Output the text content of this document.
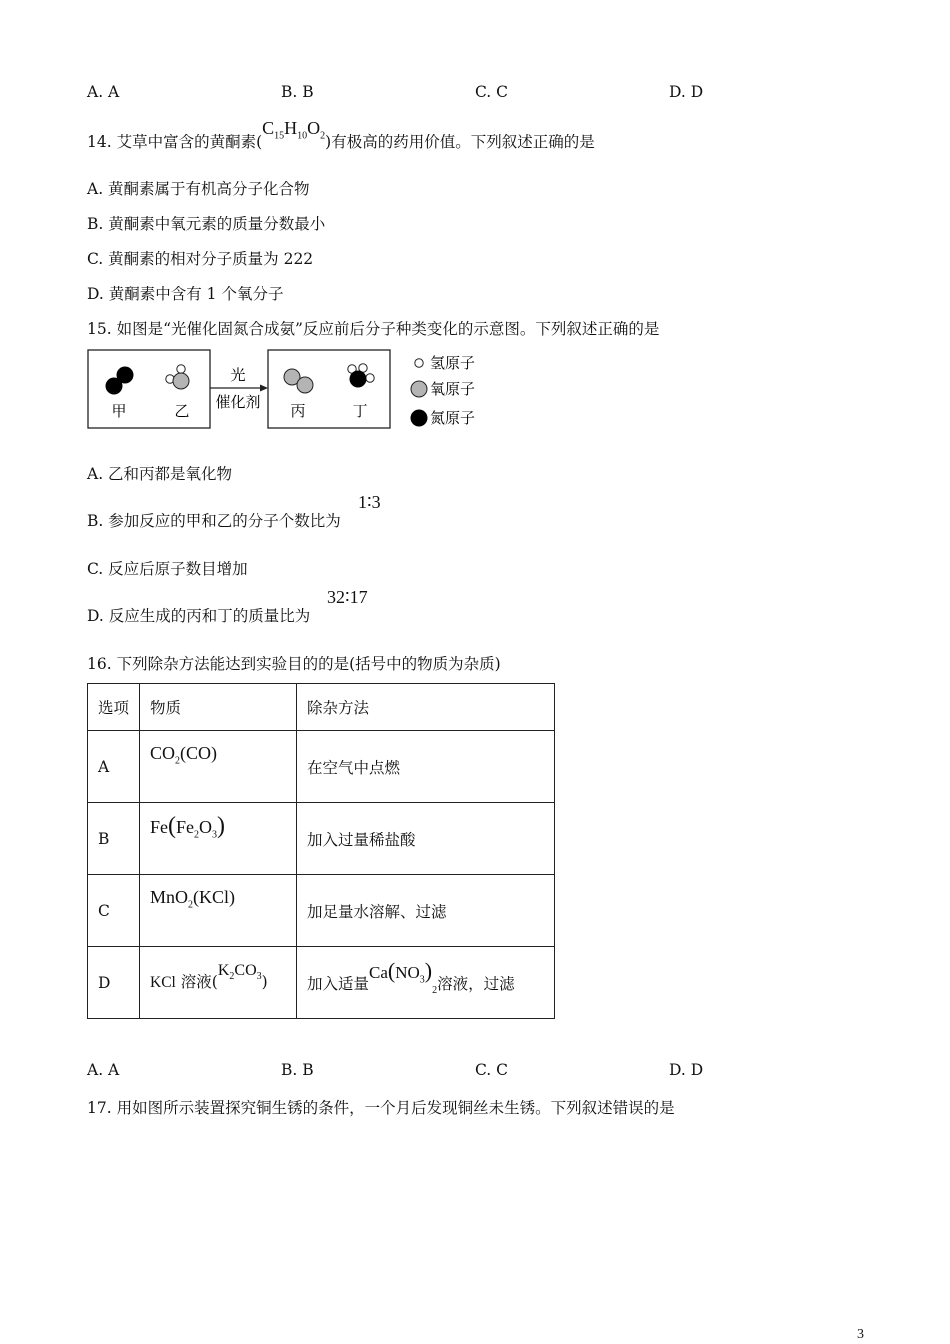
A. A	B. B	C. C	D. D
14. 艾草中富含的黄酮素$(C_{15}H_{10}O_2)$有极高的药用价值。下列叙述正确的是
A. 黄酮素属于有机高分子化合物
B. 黄酮素中氧元素的质量分数最小
C. 黄酮素的相对分子质量为 222
D. 黄酮素中含有 1 个氧分子
15. 如图是“光催化固氮合成氨”反应前后分子种类变化的示意图。下列叙述正确的是
甲	乙
光
催化剂 丙	丁
氢原子
氧原子
氮原子
A. 乙和丙都是氧化物
B. 参加反应的甲和乙的分子个数比为
1∶3
C. 反应后原子数目增加
D. 反应生成的丙和丁的质量比为
32∶17
16. 下列除杂方法能达到实验目的的是(括号中的物质为杂质)
选项	物质	除杂方法
A	$CO_2(CO)$	在空气中点燃
B	$Fe(Fe_2O_3)$	加入过量稀盐酸
C	MnO$_2$(KCl)	加足量水溶解、过滤
D	KCl 溶液$(K_2CO_3)$	加入适量$Ca(NO_3)_2$溶液，过滤
A. A	B. B	C. C	D. D
17. 用如图所示装置探究铜生锈的条件，一个月后发现铜丝未生锈。下列叙述错误的是
3
